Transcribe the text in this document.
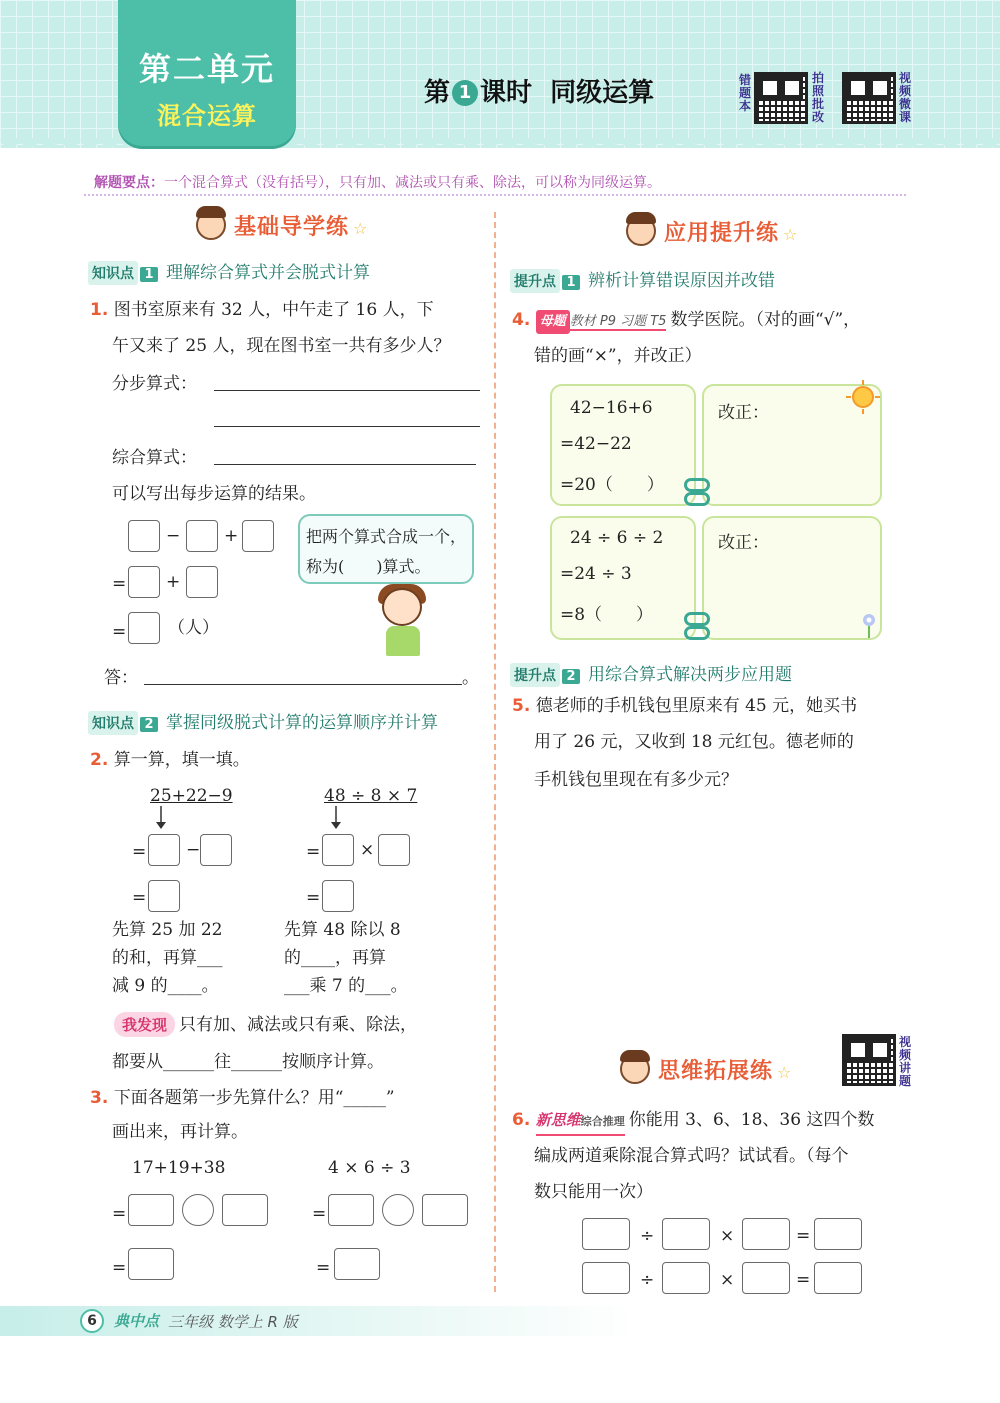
第二单元
混合运算
第 1 课时 同级运算	错题本
拍照批改
视频微课
解题要点：一个混合算式（没有括号），只有加、减法或只有乘、除法，可以称为同级运算。
基础导学练 ☆
知识点 1 理解综合算式并会脱式计算
1. 图书室原来有 32 人，中午走了 16 人，下
午又来了 25 人，现在图书室一共有多少人？
分步算式：
综合算式：
可以写出每步运算的结果。
−	+
= +
= （人）
把两个算式合成一个，
称为(　　)算式。
答：	。
知识点 2 掌握同级脱式计算的运算顺序并计算
2. 算一算，填一填。
25+22−9
= −
=
48 ÷ 8 × 7
= ×
=
先算 25 加 22
的和，再算___
减 9 的____。
先算 48 除以 8
的____，再算
___乘 7 的___。
我发现 只有加、减法或只有乘、除法，
都要从______往______按顺序计算。
3. 下面各题第一步先算什么？用“_____”
画出来，再计算。
17+19+38
=
=
4 × 6 ÷ 3
=
=
应用提升练 ☆
提升点 1 辨析计算错误原因并改错
4. 母题 教材 P9 习题 T5 数学医院。（对的画“√”，
错的画“×”，并改正）
42−16+6
=42−22
=20（　　）
改正：
24 ÷ 6 ÷ 2
=24 ÷ 3
=8（　　）
改正：
提升点 2 用综合算式解决两步应用题
5. 德老师的手机钱包里原来有 45 元，她买书
用了 26 元，又收到 18 元红包。德老师的
手机钱包里现在有多少元？
思维拓展练 ☆
视频讲题
6. 新思维综合推理 你能用 3、6、18、36 这四个数
编成两道乘除混合算式吗？试试看。（每个
数只能用一次）
÷	×	=
÷	×	=
6	典中点 三年级 数学上 R 版
